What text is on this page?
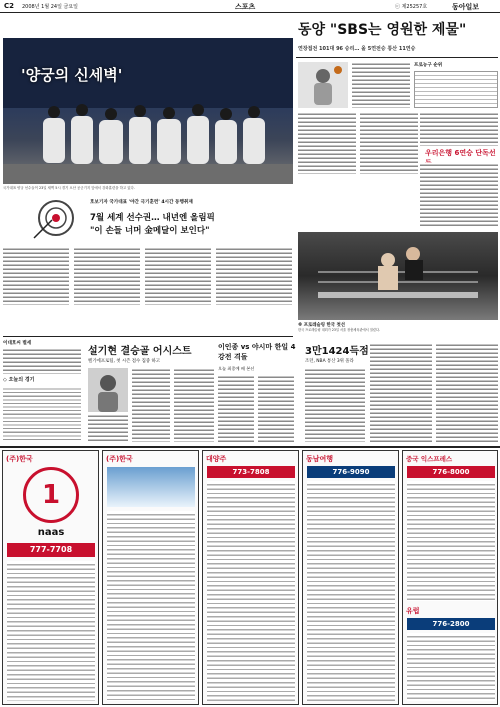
C2 2008년 1월 24일 금요일	스포츠	ⓒ 제25257호	동아일보
'양궁의 신세벽'
국가대표 양궁 선수들이 23일 새벽 5시 경기 오산 공군기지 앞에서 강화훈련을 하고 있다.
호보기자 국가대표 '야간 극기훈련' 4시간 동행취재
7월 세계 선수권… 내년엔 올림픽
"이 손들 너머 金메달이 보인다"
동양 "SBS는 영원한 제물"
연장접전 101대 96 승리… 올 5연전승 통산 11연승
프로농구 순위
우리은행 6연승 단독선
※ 프로레슬링 한국 첫선
한국 프로레슬링 대회가 23일 서울 장충체육관에서 열렸다.
이대호씨 별세
◇ 오늘의 경기
설기현 결승골 어시스트
벨기에프로팀, 첫 시즌 점수 집중 하고
이인종 vs 야시마 한일 4강전 격돌
오늘 최종예 배 본선
3만1424득점
조던, NBA 통산 3위 올라
(주)한국
1
naas
777-7708
(주)한국	대양주
773-7808
동남여행
776-9090
중국 익스프레스
776-8000
유럽
776-2800
